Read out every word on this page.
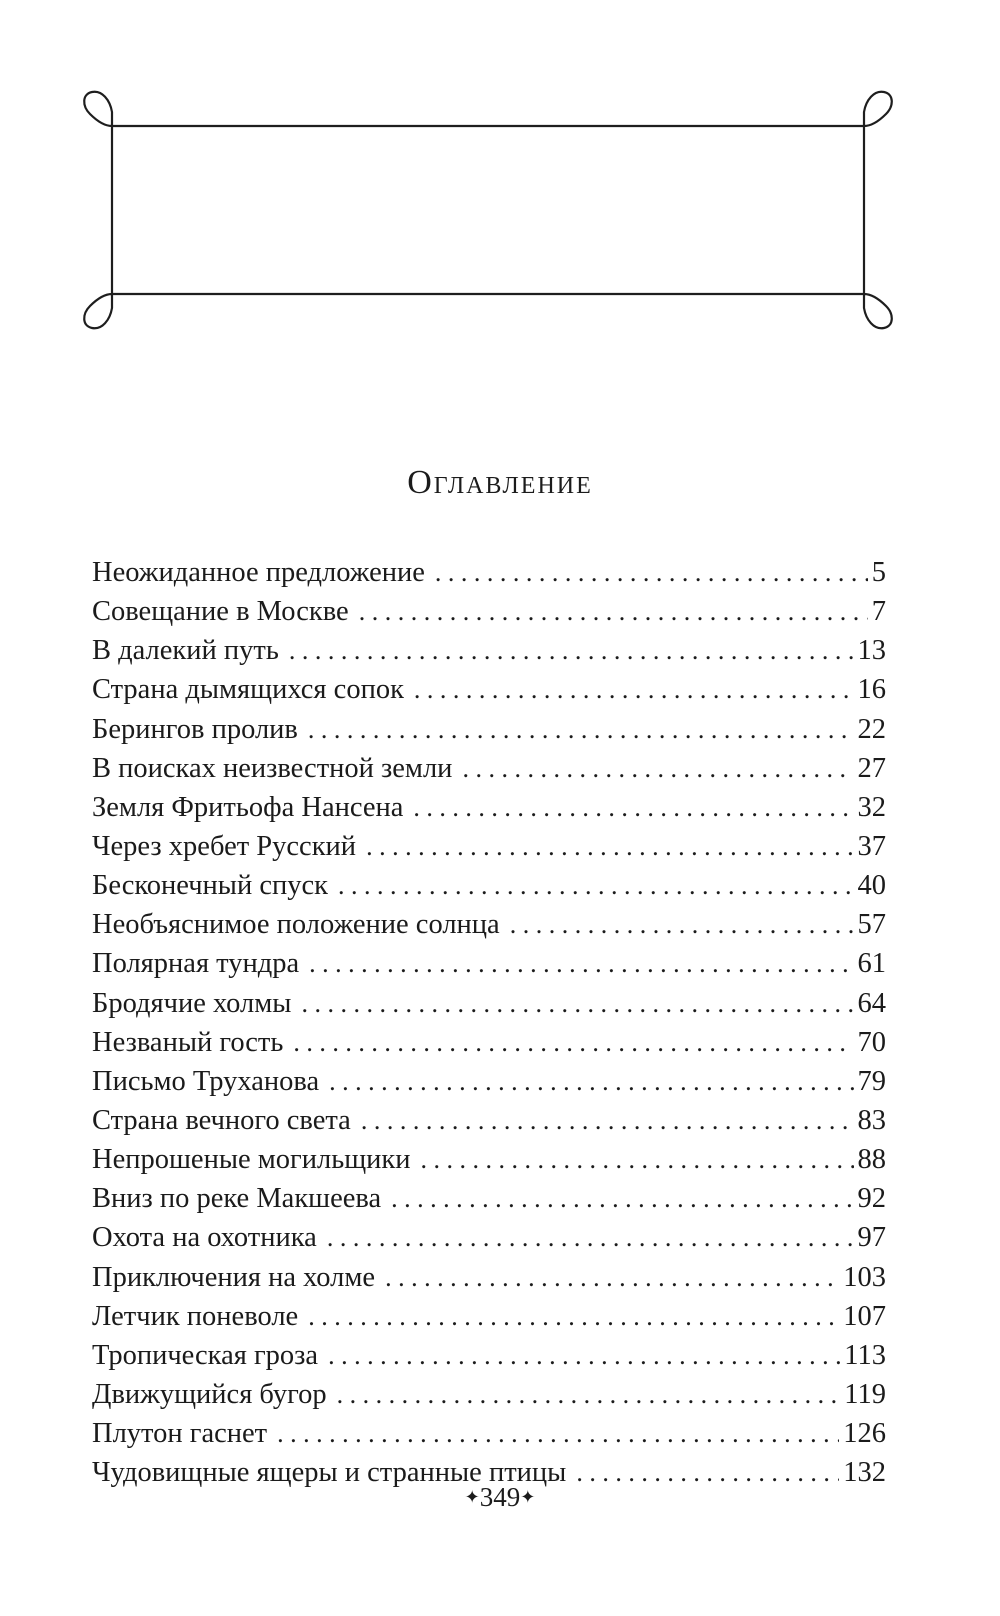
Оглавление
Неожиданное предложение . . .	5
Совещание в Москве . . .	7
В далекий путь . . .	13
Страна дымящихся сопок . . .	16
Берингов пролив . . .	22
В поисках неизвестной земли . . .	27
Земля Фритьофа Нансена . . .	32
Через хребет Русский . . .	37
Бесконечный спуск . . .	40
Необъяснимое положение солнца . . .	57
Полярная тундра . . .	61
Бродячие холмы . . .	64
Незваный гость . . .	70
Письмо Труханова . . .	79
Страна вечного света . . .	83
Непрошеные могильщики . . .	88
Вниз по реке Макшеева . . .	92
Охота на охотника . . .	97
Приключения на холме . . .	103
Летчик поневоле . . .	107
Тропическая гроза . . .	113
Движущийся бугор . . .	119
Плутон гаснет . . .	126
Чудовищные ящеры и странные птицы . . .	132
✦349✦
